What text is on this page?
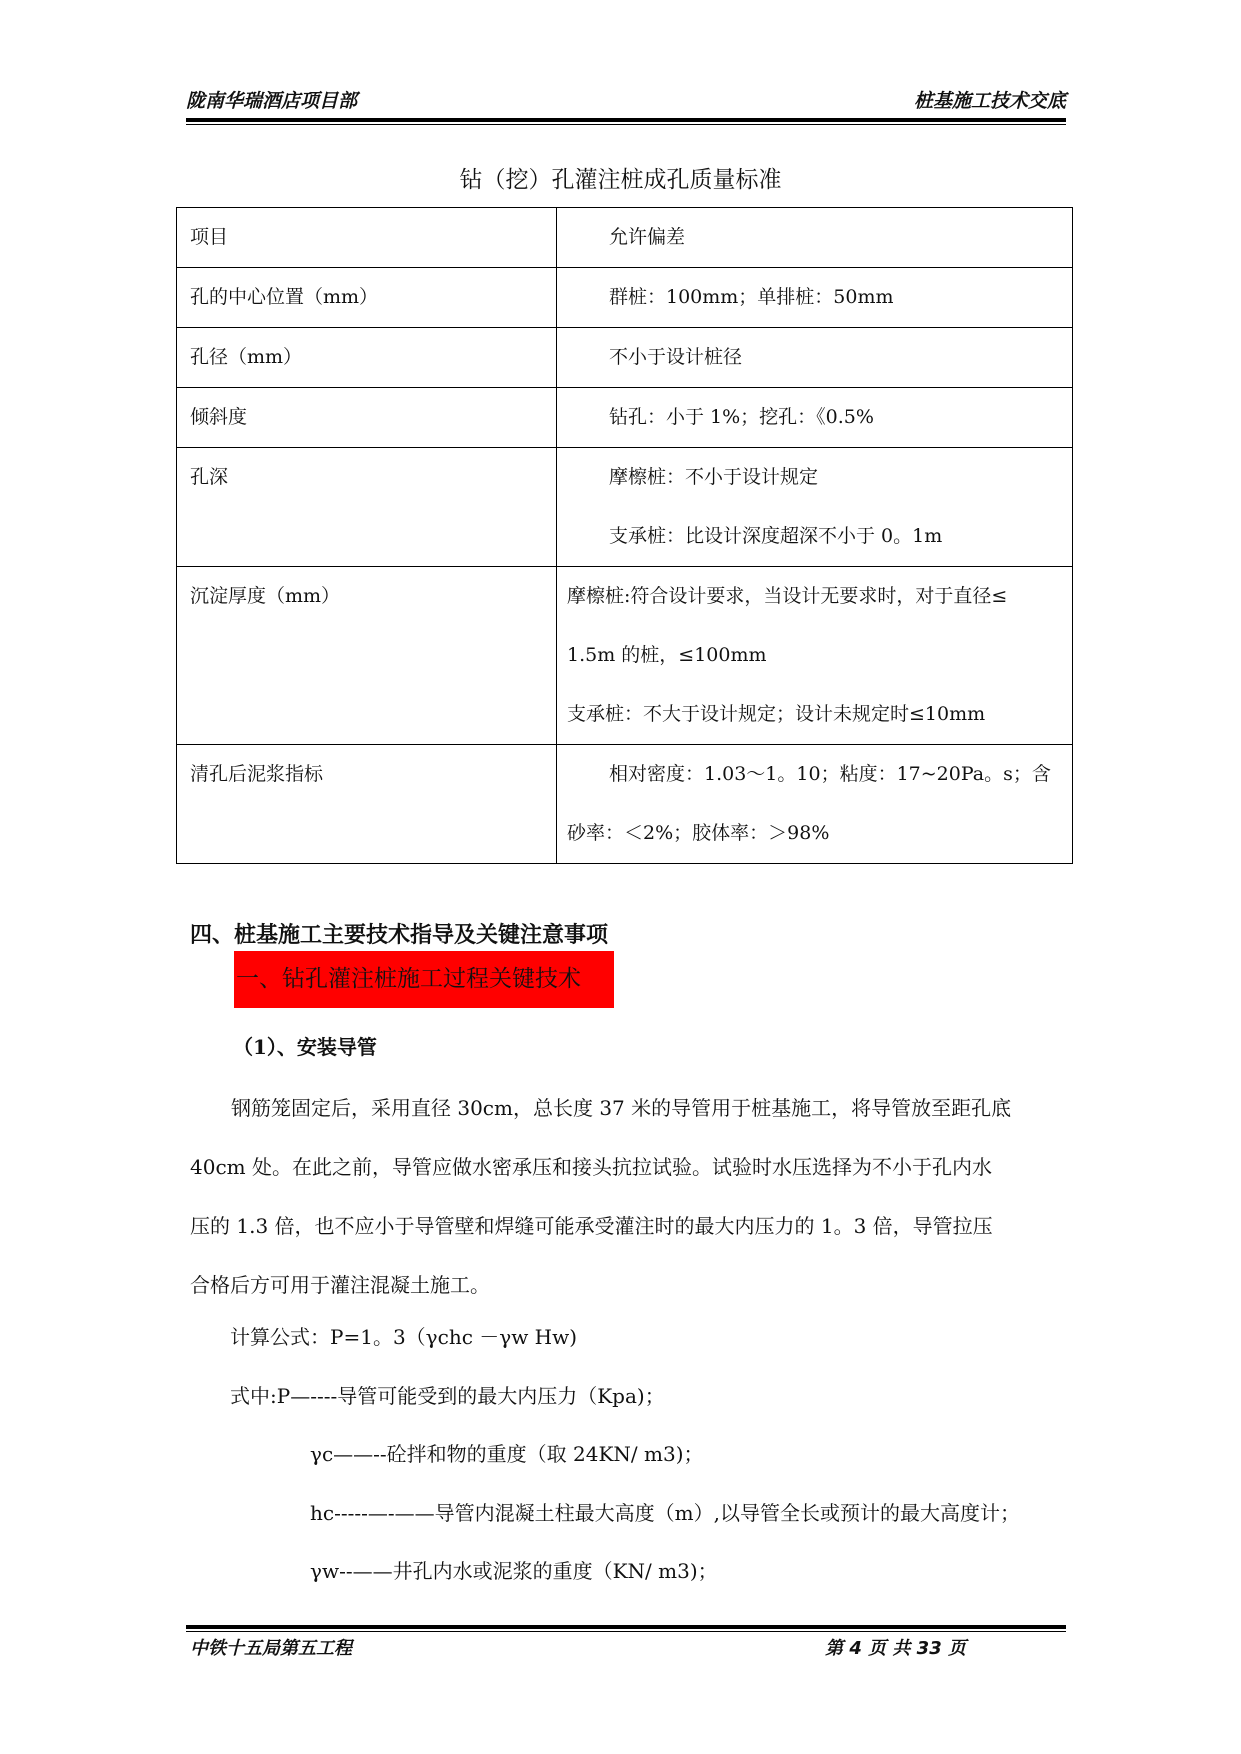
陇南华瑞酒店项目部	桩基施工技术交底
钻（挖）孔灌注桩成孔质量标准
项目	允许偏差

孔的中心位置（mm）	群桩：100mm；单排桩：50mm

孔径（mm）	不小于设计桩径

倾斜度	钻孔：小于 1%；挖孔：《0.5%

孔深	摩檫桩：不小于设计规定
支承桩：比设计深度超深不小于 0。1m

沉淀厚度（mm）	摩檫桩:符合设计要求，当设计无要求时，对于直径≤
1.5m 的桩，≤100mm
支承桩：不大于设计规定；设计未规定时≤10mm

清孔后泥浆指标	相对密度：1.03～1。10；粘度：17~20Pa。s；含
砂率：＜2%；胶体率：＞98%
四、桩基施工主要技术指导及关键注意事项
一、钻孔灌注桩施工过程关键技术
（1）、安装导管
钢筋笼固定后，采用直径 30cm，总长度 37 米的导管用于桩基施工，将导管放至距孔底
40cm 处。在此之前，导管应做水密承压和接头抗拉试验。试验时水压选择为不小于孔内水
压的 1.3 倍，也不应小于导管壁和焊缝可能承受灌注时的最大内压力的 1。3 倍，导管拉压
合格后方可用于灌注混凝土施工。
计算公式：P=1。3（γchc －γw Hw)
式中:P—----导管可能受到的最大内压力（Kpa)；
γc——--砼拌和物的重度（取 24KN/ m3)；
hc-----—-——导管内混凝土柱最大高度（m）,以导管全长或预计的最大高度计；
γw--——井孔内水或泥浆的重度（KN/ m3)；
中铁十五局第五工程	第 4 页 共 33 页
